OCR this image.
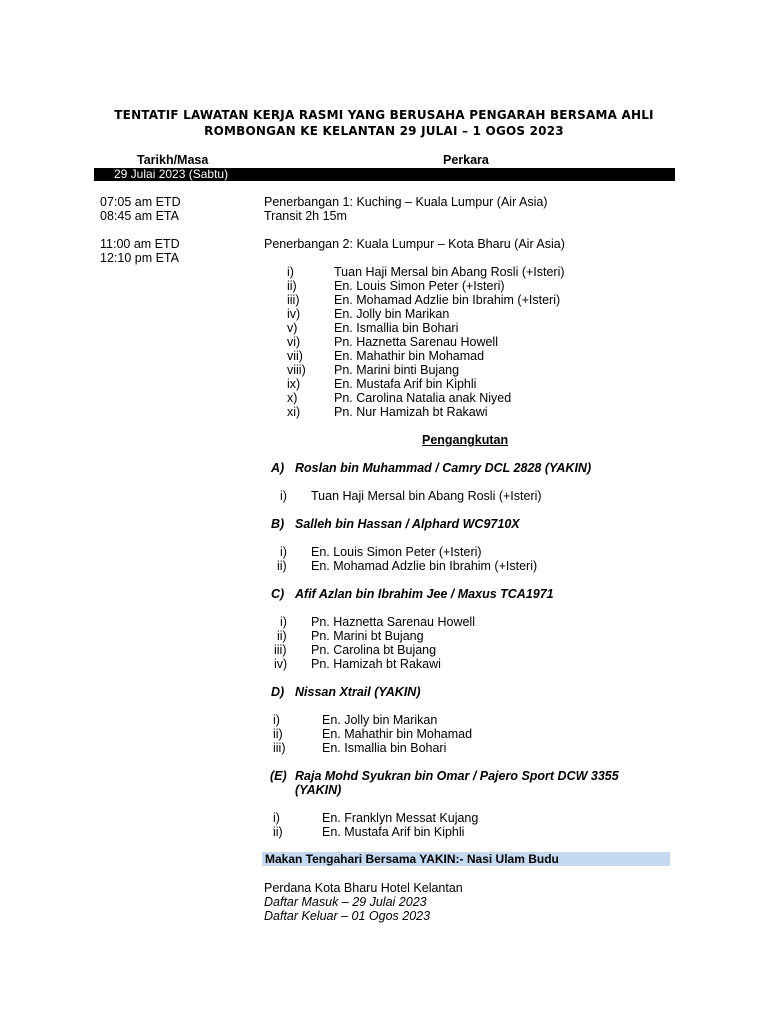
TENTATIF LAWATAN KERJA RASMI YANG BERUSAHA PENGARAH BERSAMA AHLI
ROMBONGAN KE KELANTAN 29 JULAI – 1 OGOS 2023
Tarikh/Masa	Perkara
29 Julai 2023 (Sabtu)
07:05 am ETD	Penerbangan 1: Kuching – Kuala Lumpur (Air Asia)
08:45 am ETA	Transit 2h 15m
11:00 am ETD	Penerbangan 2: Kuala Lumpur – Kota Bharu (Air Asia)
12:10 pm ETA
i)	Tuan Haji Mersal bin Abang Rosli (+Isteri)
ii)	En. Louis Simon Peter (+Isteri)
iii)	En. Mohamad Adzlie bin Ibrahim (+Isteri)
iv)	En. Jolly bin Marikan
v)	En. Ismallia bin Bohari
vi)	Pn. Haznetta Sarenau Howell
vii) En. Mahathir bin Mohamad
viii) Pn. Marini binti Bujang
ix)	En. Mustafa Arif bin Kiphli
x)	Pn. Carolina Natalia anak Niyed
xi)	Pn. Nur Hamizah bt Rakawi
Pengangkutan
A) Roslan bin Muhammad / Camry DCL 2828 (YAKIN)
i) Tuan Haji Mersal bin Abang Rosli (+Isteri)
B) Salleh bin Hassan / Alphard WC9710X
i) En. Louis Simon Peter (+Isteri)
ii) En. Mohamad Adzlie bin Ibrahim (+Isteri)
C) Afif Azlan bin Ibrahim Jee / Maxus TCA1971
i) Pn. Haznetta Sarenau Howell
ii) Pn. Marini bt Bujang
iii) Pn. Carolina bt Bujang
iv) Pn. Hamizah bt Rakawi
D) Nissan Xtrail (YAKIN)
i)	En. Jolly bin Marikan
ii)	En. Mahathir bin Mohamad
iii)	En. Ismallia bin Bohari
(E) Raja Mohd Syukran bin Omar / Pajero Sport DCW 3355
(YAKIN)
i)	En. Franklyn Messat Kujang
ii)	En. Mustafa Arif bin Kiphli
Makan Tengahari Bersama YAKIN:- Nasi Ulam Budu
Perdana Kota Bharu Hotel Kelantan
Daftar Masuk – 29 Julai 2023
Daftar Keluar – 01 Ogos 2023
